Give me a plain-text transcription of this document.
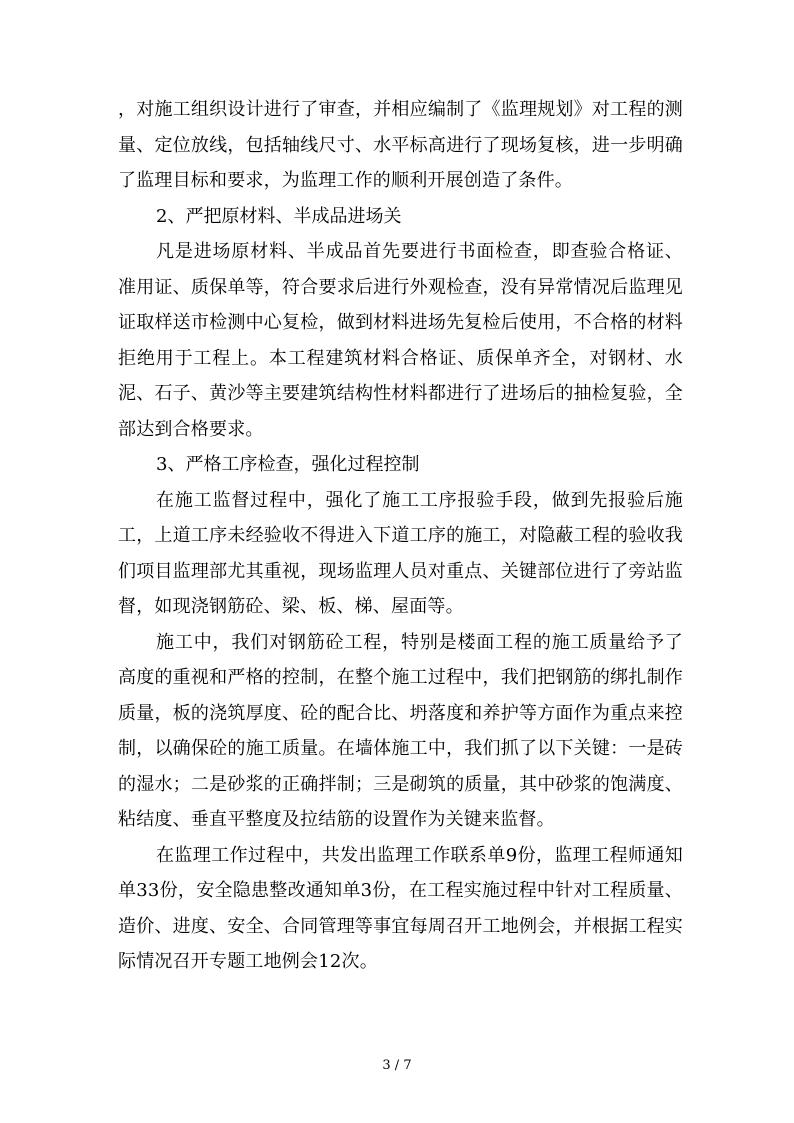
，对施工组织设计进行了审查，并相应编制了《监理规划》对工程的测量、定位放线，包括轴线尺寸、水平标高进行了现场复核，进一步明确了监理目标和要求，为监理工作的顺利开展创造了条件。

2、严把原材料、半成品进场关

凡是进场原材料、半成品首先要进行书面检查，即查验合格证、准用证、质保单等，符合要求后进行外观检查，没有异常情况后监理见证取样送市检测中心复检，做到材料进场先复检后使用，不合格的材料拒绝用于工程上。本工程建筑材料合格证、质保单齐全，对钢材、水泥、石子、黄沙等主要建筑结构性材料都进行了进场后的抽检复验，全部达到合格要求。

3、严格工序检查，强化过程控制

在施工监督过程中，强化了施工工序报验手段，做到先报验后施工，上道工序未经验收不得进入下道工序的施工，对隐蔽工程的验收我们项目监理部尤其重视，现场监理人员对重点、关键部位进行了旁站监督，如现浇钢筋砼、梁、板、梯、屋面等。

施工中，我们对钢筋砼工程，特别是楼面工程的施工质量给予了高度的重视和严格的控制，在整个施工过程中，我们把钢筋的绑扎制作质量，板的浇筑厚度、砼的配合比、坍落度和养护等方面作为重点来控制，以确保砼的施工质量。在墙体施工中，我们抓了以下关键：一是砖的湿水；二是砂浆的正确拌制；三是砌筑的质量，其中砂浆的饱满度、粘结度、垂直平整度及拉结筋的设置作为关键来监督。

在监理工作过程中，共发出监理工作联系单9份，监理工程师通知单33份，安全隐患整改通知单3份，在工程实施过程中针对工程质量、造价、进度、安全、合同管理等事宜每周召开工地例会，并根据工程实际情况召开专题工地例会12次。

3 / 7
